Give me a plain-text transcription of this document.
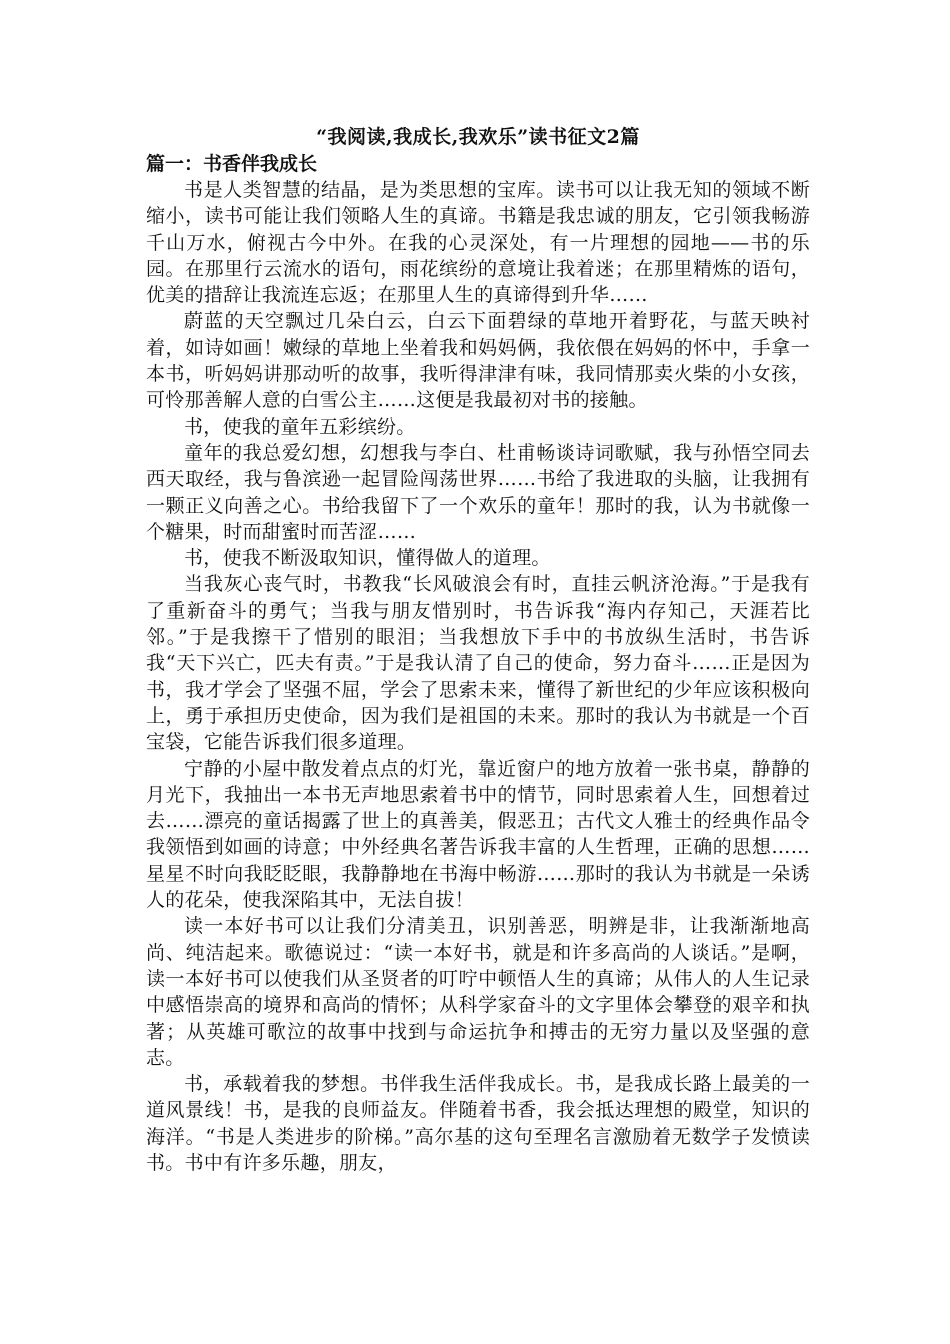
“我阅读,我成长,我欢乐”读书征文2篇
篇一：书香伴我成长

书是人类智慧的结晶，是为类思想的宝库。读书可以让我无知的领域不断缩小，读书可能让我们领略人生的真谛。书籍是我忠诚的朋友，它引领我畅游千山万水，俯视古今中外。在我的心灵深处，有一片理想的园地——书的乐园。在那里行云流水的语句，雨花缤纷的意境让我着迷；在那里精炼的语句，优美的措辞让我流连忘返；在那里人生的真谛得到升华……

蔚蓝的天空飘过几朵白云，白云下面碧绿的草地开着野花，与蓝天映衬着，如诗如画！嫩绿的草地上坐着我和妈妈俩，我依偎在妈妈的怀中，手拿一本书，听妈妈讲那动听的故事，我听得津津有味，我同情那卖火柴的小女孩，可怜那善解人意的白雪公主……这便是我最初对书的接触。

书，使我的童年五彩缤纷。

童年的我总爱幻想，幻想我与李白、杜甫畅谈诗词歌赋，我与孙悟空同去西天取经，我与鲁滨逊一起冒险闯荡世界……书给了我进取的头脑，让我拥有一颗正义向善之心。书给我留下了一个欢乐的童年！那时的我，认为书就像一个糖果，时而甜蜜时而苦涩……

书，使我不断汲取知识，懂得做人的道理。

当我灰心丧气时，书教我“长风破浪会有时，直挂云帆济沧海。”于是我有了重新奋斗的勇气；当我与朋友惜别时，书告诉我“海内存知己，天涯若比邻。”于是我擦干了惜别的眼泪；当我想放下手中的书放纵生活时，书告诉我“天下兴亡，匹夫有责。”于是我认清了自己的使命，努力奋斗……正是因为书，我才学会了坚强不屈，学会了思索未来，懂得了新世纪的少年应该积极向上，勇于承担历史使命，因为我们是祖国的未来。那时的我认为书就是一个百宝袋，它能告诉我们很多道理。

宁静的小屋中散发着点点的灯光，靠近窗户的地方放着一张书桌，静静的月光下，我抽出一本书无声地思索着书中的情节，同时思索着人生，回想着过去……漂亮的童话揭露了世上的真善美，假恶丑；古代文人雅士的经典作品令我领悟到如画的诗意；中外经典名著告诉我丰富的人生哲理，正确的思想……星星不时向我眨眨眼，我静静地在书海中畅游……那时的我认为书就是一朵诱人的花朵，使我深陷其中，无法自拔！

读一本好书可以让我们分清美丑，识别善恶，明辨是非，让我渐渐地高尚、纯洁起来。歌德说过：“读一本好书，就是和许多高尚的人谈话。”是啊，读一本好书可以使我们从圣贤者的叮咛中顿悟人生的真谛；从伟人的人生记录中感悟崇高的境界和高尚的情怀；从科学家奋斗的文字里体会攀登的艰辛和执著；从英雄可歌泣的故事中找到与命运抗争和搏击的无穷力量以及坚强的意志。

书，承载着我的梦想。书伴我生活伴我成长。书，是我成长路上最美的一道风景线！书，是我的良师益友。伴随着书香，我会抵达理想的殿堂，知识的海洋。“书是人类进步的阶梯。”高尔基的这句至理名言激励着无数学子发愤读书。书中有许多乐趣，朋友，
